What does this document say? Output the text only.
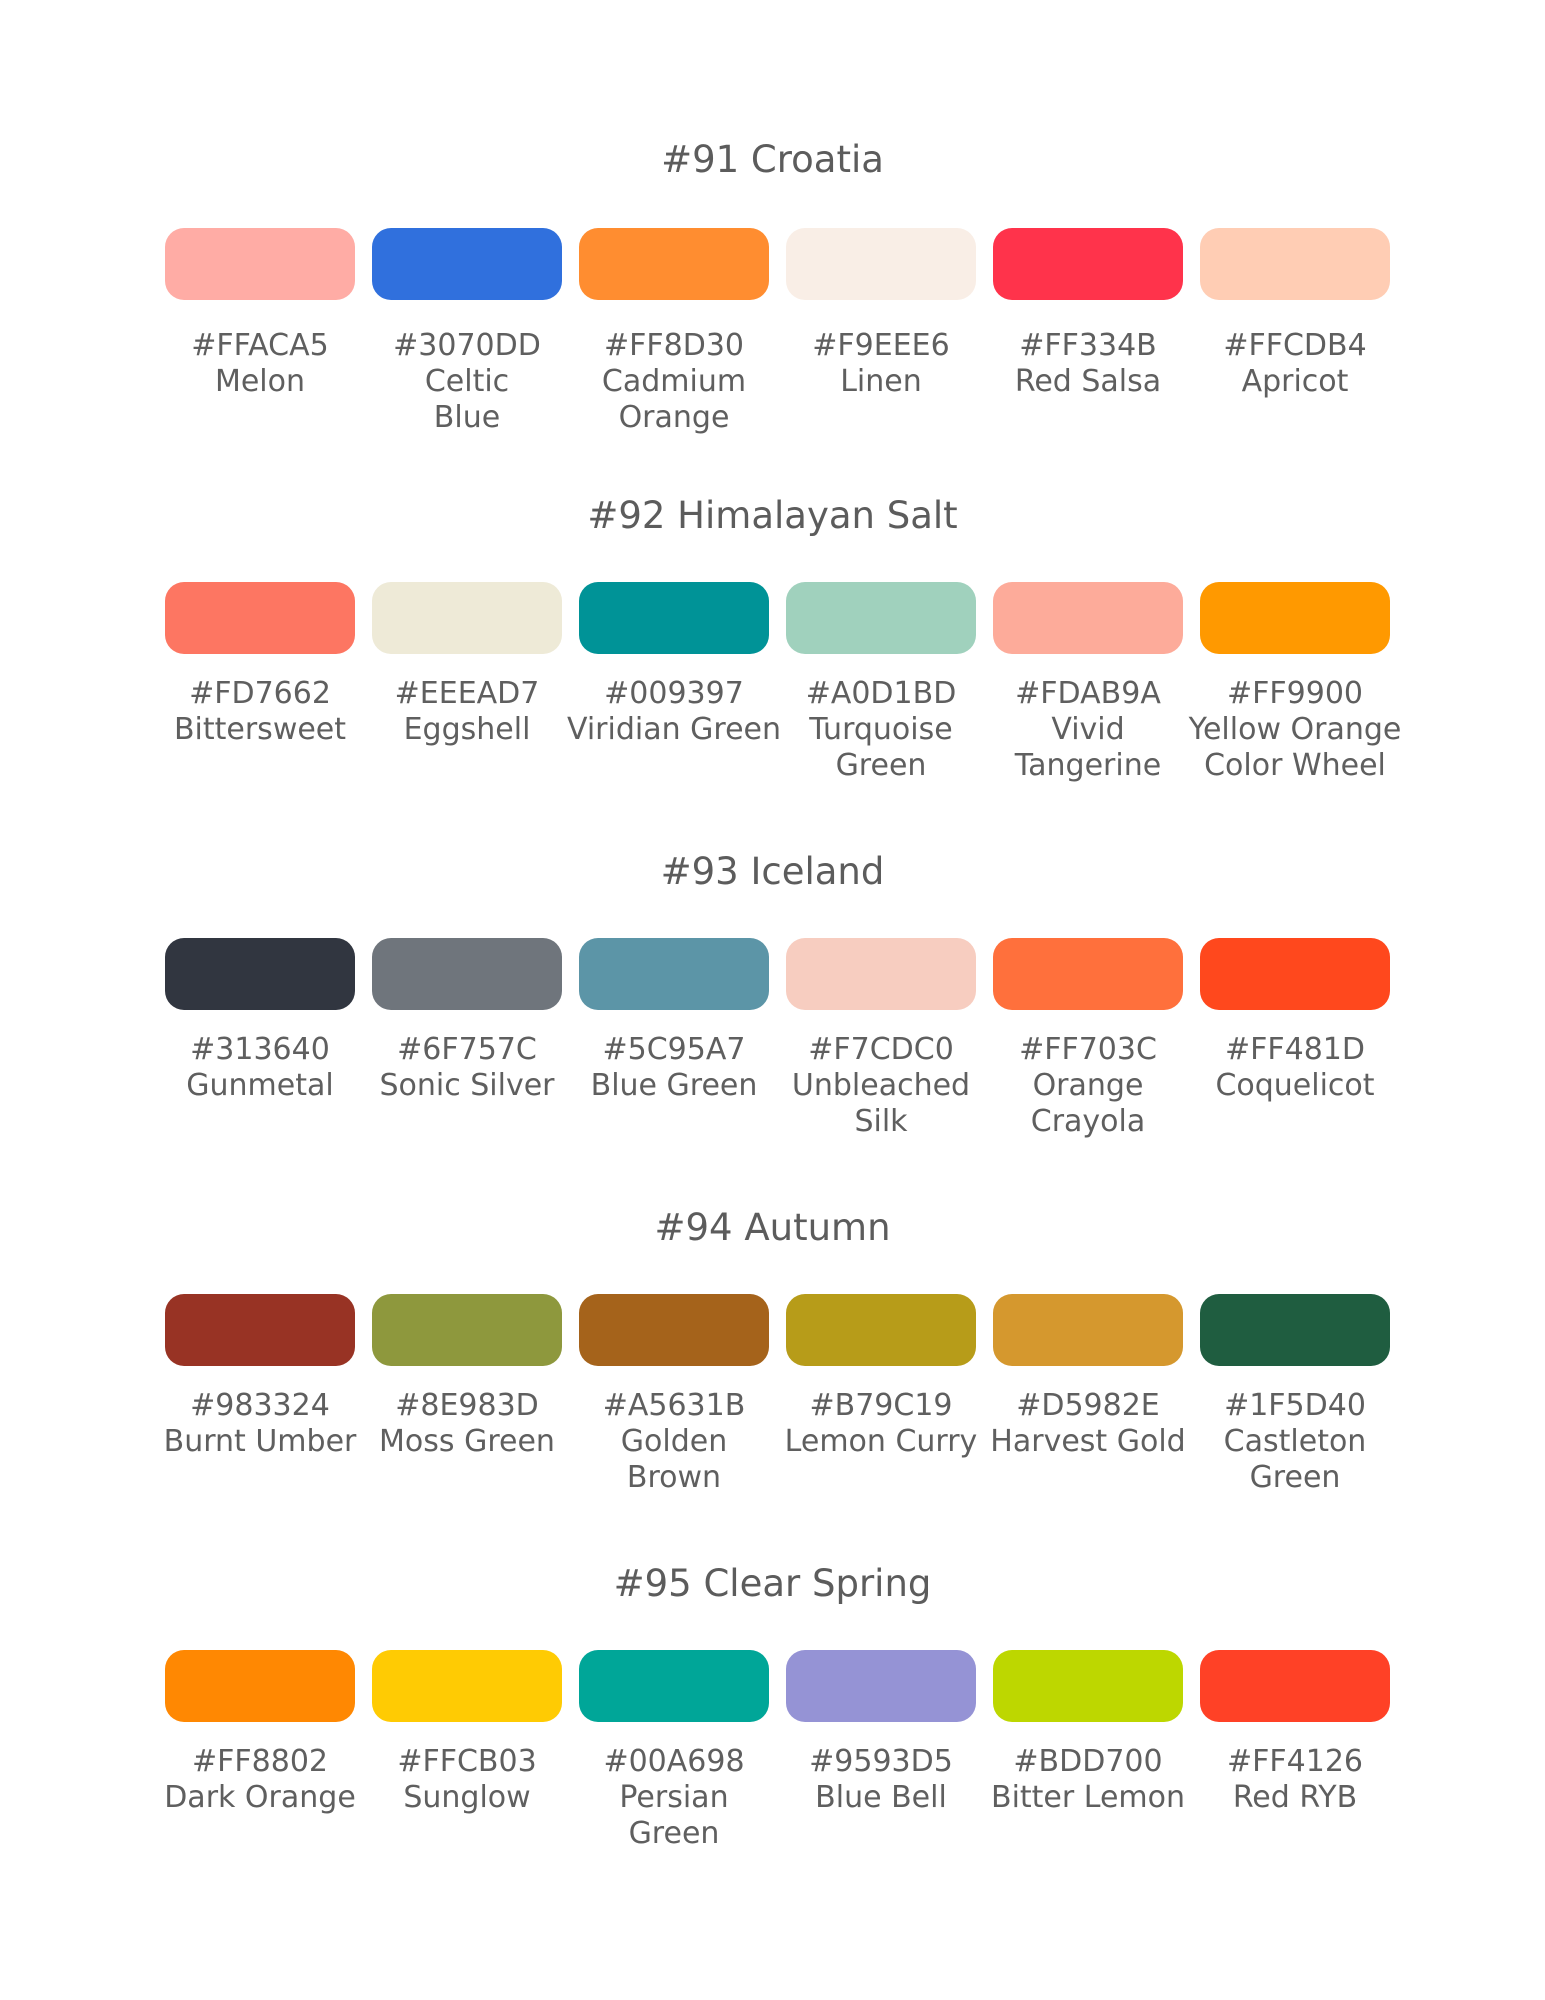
#91 Croatia
#FFACA5
Melon
#3070DD
Celtic Blue
#FF8D30
Cadmium Orange
#F9EEE6
Linen
#FF334B
Red Salsa
#FFCDB4
Apricot
#92 Himalayan Salt
#FD7662
Bittersweet
#EEEAD7
Eggshell
#009397
Viridian Green
#A0D1BD
Turquoise Green
#FDAB9A
Vivid Tangerine
#FF9900
Yellow Orange Color Wheel
#93 Iceland
#313640
Gunmetal
#6F757C
Sonic Silver
#5C95A7
Blue Green
#F7CDC0
Unbleached Silk
#FF703C
Orange Crayola
#FF481D
Coquelicot
#94 Autumn
#983324
Burnt Umber
#8E983D
Moss Green
#A5631B
Golden Brown
#B79C19
Lemon Curry
#D5982E
Harvest Gold
#1F5D40
Castleton Green
#95 Clear Spring
#FF8802
Dark Orange
#FFCB03
Sunglow
#00A698
Persian Green
#9593D5
Blue Bell
#BDD700
Bitter Lemon
#FF4126
Red RYB
